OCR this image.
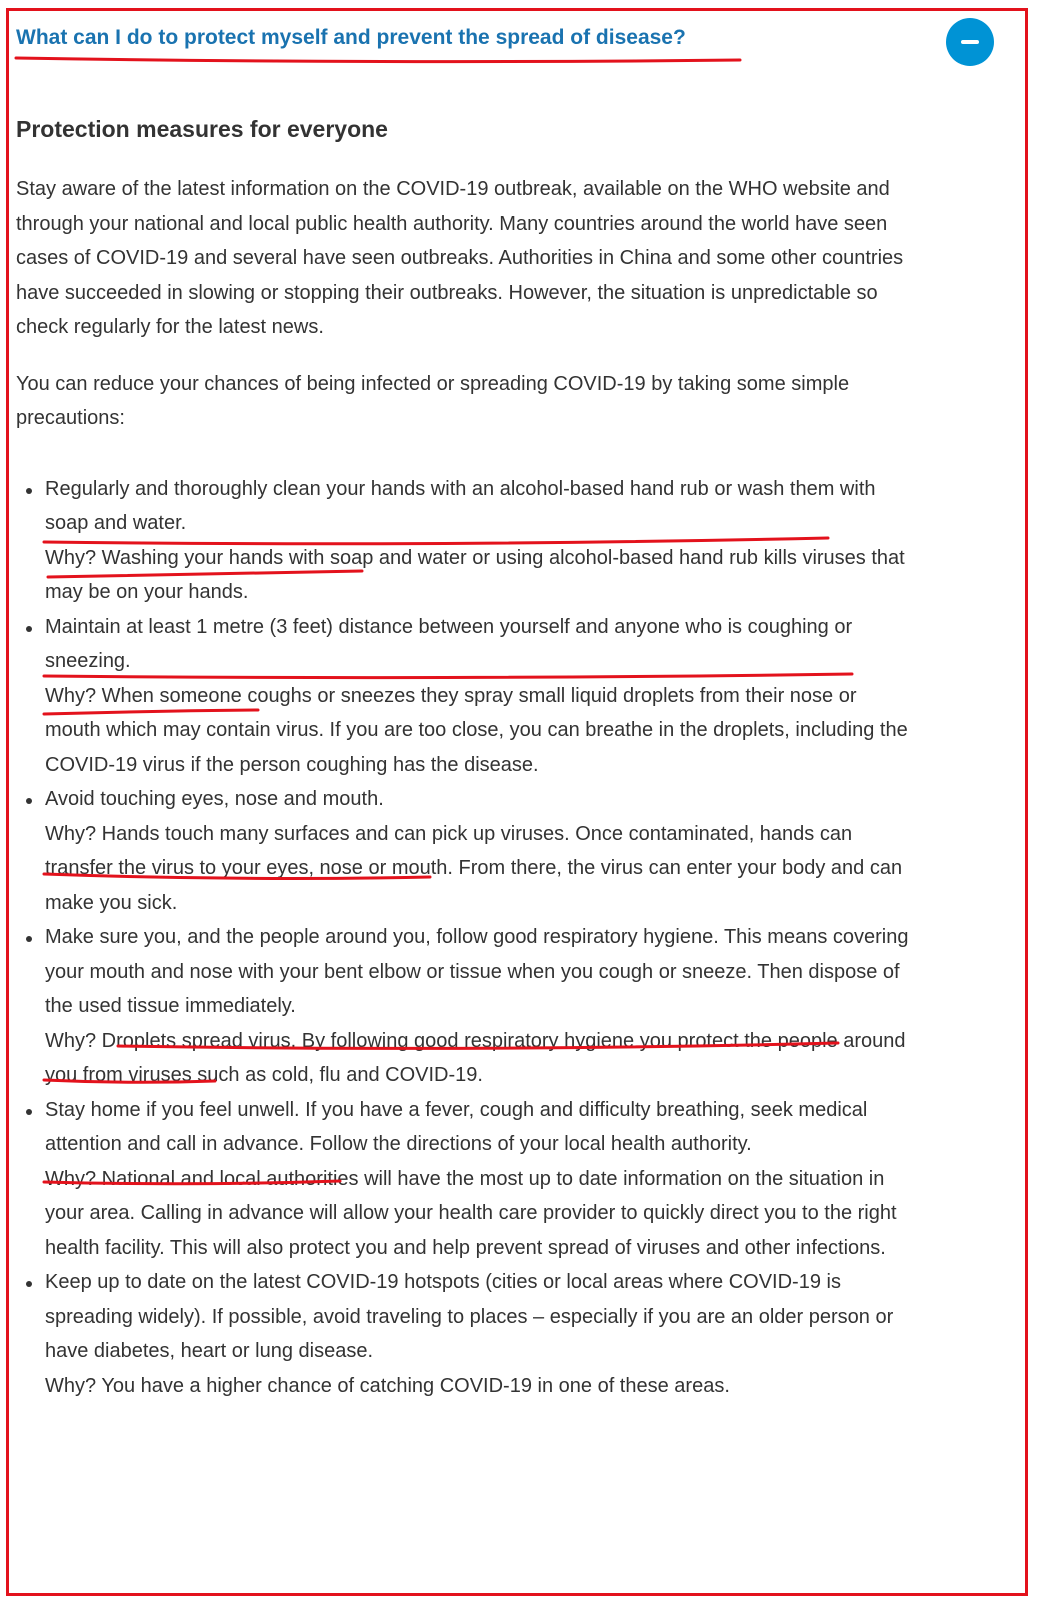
What can I do to protect myself and prevent the spread of disease?
Protection measures for everyone

Stay aware of the latest information on the COVID-19 outbreak, available on the WHO website and through your national and local public health authority. Many countries around the world have seen cases of COVID-19 and several have seen outbreaks. Authorities in China and some other countries have succeeded in slowing or stopping their outbreaks. However, the situation is unpredictable so check regularly for the latest news.

You can reduce your chances of being infected or spreading COVID-19 by taking some simple precautions:

Regularly and thoroughly clean your hands with an alcohol-based hand rub or wash them with soap and water.
Why? Washing your hands with soap and water or using alcohol-based hand rub kills viruses that may be on your hands.
Maintain at least 1 metre (3 feet) distance between yourself and anyone who is coughing or sneezing.
Why? When someone coughs or sneezes they spray small liquid droplets from their nose or mouth which may contain virus. If you are too close, you can breathe in the droplets, including the COVID-19 virus if the person coughing has the disease.
Avoid touching eyes, nose and mouth.
Why? Hands touch many surfaces and can pick up viruses. Once contaminated, hands can transfer the virus to your eyes, nose or mouth. From there, the virus can enter your body and can make you sick.
Make sure you, and the people around you, follow good respiratory hygiene. This means covering your mouth and nose with your bent elbow or tissue when you cough or sneeze. Then dispose of the used tissue immediately.
Why? Droplets spread virus. By following good respiratory hygiene you protect the people around you from viruses such as cold, flu and COVID-19.
Stay home if you feel unwell. If you have a fever, cough and difficulty breathing, seek medical attention and call in advance. Follow the directions of your local health authority.
Why? National and local authorities will have the most up to date information on the situation in your area. Calling in advance will allow your health care provider to quickly direct you to the right health facility. This will also protect you and help prevent spread of viruses and other infections.
Keep up to date on the latest COVID-19 hotspots (cities or local areas where COVID-19 is spreading widely). If possible, avoid traveling to places – especially if you are an older person or have diabetes, heart or lung disease.
Why? You have a higher chance of catching COVID-19 in one of these areas.
